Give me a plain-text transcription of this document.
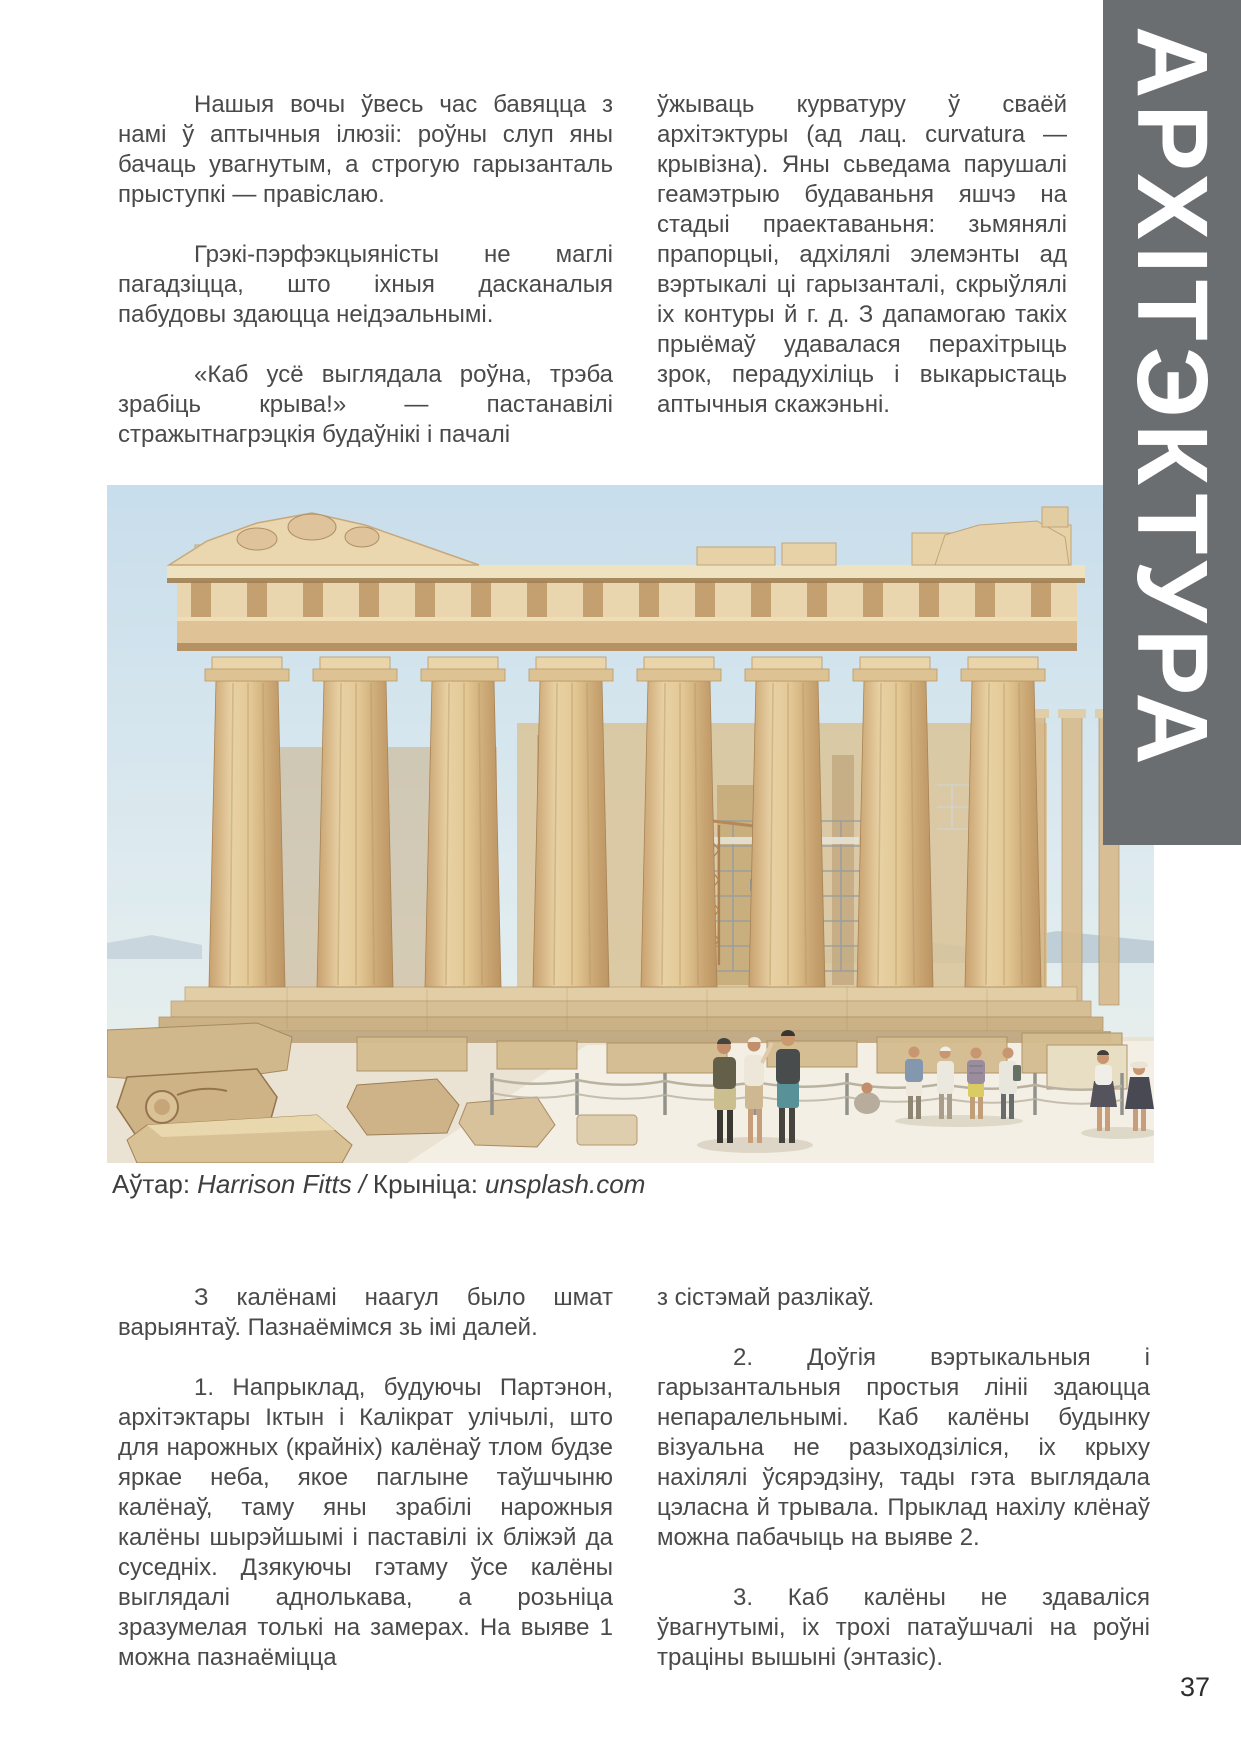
Нашыя вочы ўвесь час бавяцца з намі ў аптычныя ілюзіі: роўны слуп яны бачаць увагнутым, а строгую гарызанталь прыступкі — правіслаю.

Грэкі-пэрфэкцыяністы не маглі пагадзіцца, што іхныя дасканалыя пабудовы здаюцца неідэальнымі.

«Каб усё выглядала роўна, трэба зрабіць крыва!» — пастанавілі стражытнагрэцкія будаўнікі і пачалі

ўжываць курватуру ў сваёй архітэктуры (ад лац. curvatura — крывізна). Яны сьведама парушалі геамэтрыю будаваньня яшчэ на стадыі праектаваньня: зьмянялі прапорцыі, адхілялі элемэнты ад вэртыкалі ці гарызанталі, скрыўлялі іх контуры й г. д. З дапамогаю такіх прыёмаў удавалася перахітрыць зрок, перадухіліць і выкарыстаць аптычныя скажэньні.

Аўтар: Harrison Fitts / Крыніца: unsplash.com

З калёнамі наагул было шмат варыянтаў. Пазнаёмімся зь імі далей.

1. Напрыклад, будуючы Партэнон, архітэктары Іктын і Калікрат улічылі, што для нарожных (крайніх) калёнаў тлом будзе яркае неба, якое паглыне таўшчыню калёнаў, таму яны зрабілі нарожныя калёны шырэйшымі і паставілі іх бліжэй да суседніх. Дзякуючы гэтаму ўсе калёны выглядалі аднолькава, а розьніца зразумелая толькі на замерах. На выяве 1 можна пазнаёміцца

з сістэмай разлікаў.

2. Доўгія вэртыкальныя і гарызантальныя простыя лініі здаюцца непаралельнымі. Каб калёны будынку візуальна не разыходзіліся, іх крыху нахілялі ўсярэдзіну, тады гэта выглядала цэласна й трывала. Прыклад нахілу клёнаў можна пабачыць на выяве 2.

3. Каб калёны не здаваліся ўвагнутымі, іх трохі патаўшчалі на роўні траціны вышыні (энтазіс).

АРХІТЭКТУРА
37
